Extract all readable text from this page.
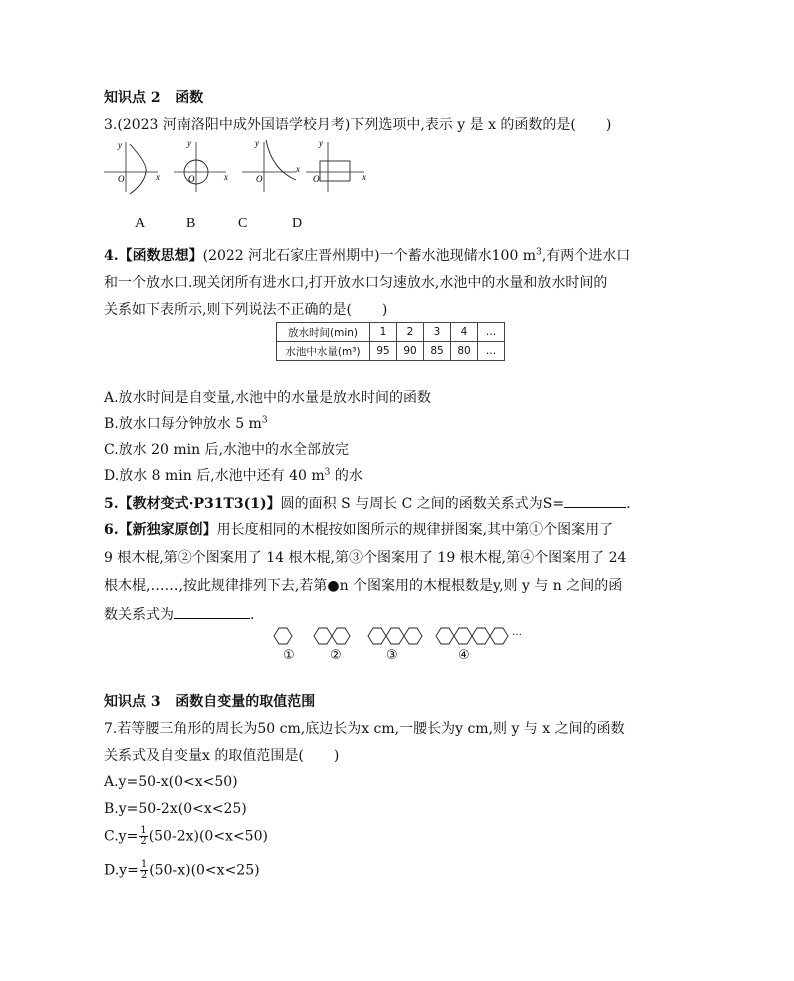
知识点 2 函数
3.(2023 河南洛阳中成外国语学校月考)下列选项中,表示 y 是 x 的函数的是( )
y
x
O
y
x
O
y
x
O
y
x
O
A	B	C	D
4.【函数思想】(2022 河北石家庄晋州期中)一个蓄水池现储水100 $m^3$,有两个进水口
和一个放水口.现关闭所有进水口,打开放水口匀速放水,水池中的水量和放水时间的
关系如下表所示,则下列说法不正确的是( )
放水时间(min)	1	2	3	4	…
水池中水量(m³)	95	90	85	80	…
A.放水时间是自变量,水池中的水量是放水时间的函数
B.放水口每分钟放水 5 $m^3$
C.放水 20 min 后,水池中的水全部放完
D.放水 8 min 后,水池中还有 40 $m^3$ 的水
5.【教材变式·P31T3(1)】圆的面积 S 与周长 C 之间的函数关系式为S=	.
6.【新独家原创】用长度相同的木棍按如图所示的规律拼图案,其中第①个图案用了
9 根木棍,第②个图案用了 14 根木棍,第③个图案用了 19 根木棍,第④个图案用了 24
根木棍,……,按此规律排列下去,若第●n 个图案用的木棍根数是y,则 y 与 n 之间的函
数关系式为	.
···
①	②	③	④
知识点 3 函数自变量的取值范围
7.若等腰三角形的周长为50 cm,底边长为x cm,一腰长为y cm,则 y 与 x 之间的函数
关系式及自变量x 的取值范围是( )
A.y=50-x(0<x<50)
B.y=50-2x(0<x<25)
$C.y= \frac{1}{2} (50-2x)(0<x<50)$
$D.y= \frac{1}{2} (50-x)(0<x<25)$
